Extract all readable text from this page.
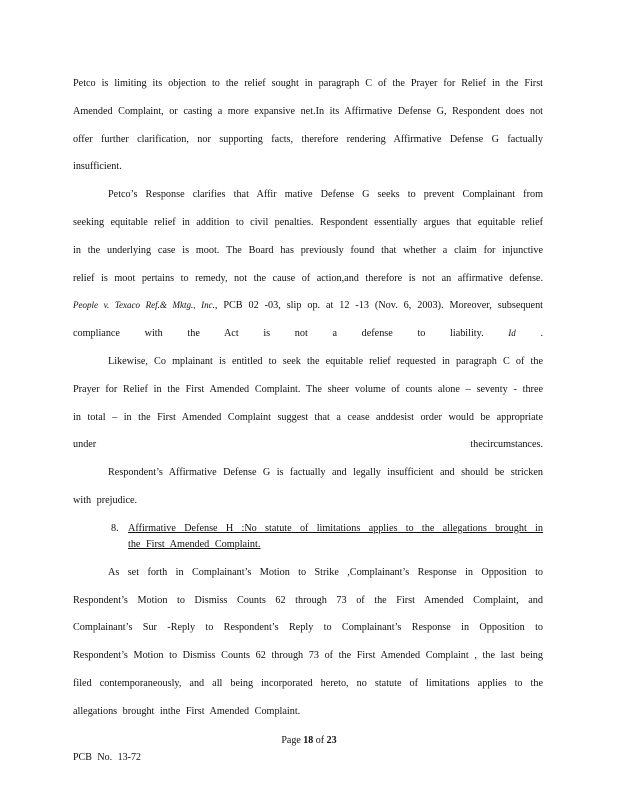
Petco is limiting its objection to the relief sought in paragraph C of the Prayer for Relief in the First Amended Complaint, or casting a more expansive net.In its Affirmative Defense G, Respondent does not offer further clarification, nor supporting facts, therefore rendering Affirmative Defense G factually insufficient.

Petco’s Response clarifies that Affir mative Defense G seeks to prevent Complainant from seeking equitable relief in addition to civil penalties. Respondent essentially argues that equitable relief in the underlying case is moot. The Board has previously found that whether a claim for injunctive relief is moot pertains to remedy, not the cause of action,and therefore is not an affirmative defense. People v. Texaco Ref.& Mktg., Inc., PCB 02 -03, slip op. at 12 -13 (Nov. 6, 2003). Moreover, subsequent compliance with the Act is not a defense to liability.	Id .

Likewise, Co mplainant is entitled to seek the equitable relief requested in paragraph C of the Prayer for Relief in the First Amended Complaint. The sheer volume of counts alone – seventy - three in total – in the First Amended Complaint suggest that a cease anddesist order would be appropriate under thecircumstances.

Respondent’s Affirmative Defense G is factually and legally insufficient and should be stricken with prejudice.

8. Affirmative Defense H :No statute of limitations applies to the allegations brought in
the First Amended Complaint.

As set forth in Complainant’s Motion to Strike ,Complainant’s Response in Opposition to Respondent’s Motion to Dismiss Counts 62 through 73 of the First Amended Complaint, and Complainant’s Sur -Reply to Respondent’s Reply to Complainant’s Response in Opposition to Respondent’s Motion to Dismiss Counts 62 through 73 of the First Amended Complaint , the last being filed contemporaneously, and all being incorporated hereto, no statute of limitations applies to the allegations brought inthe First Amended Complaint.

Page 18 of 23
PCB No. 13-72
